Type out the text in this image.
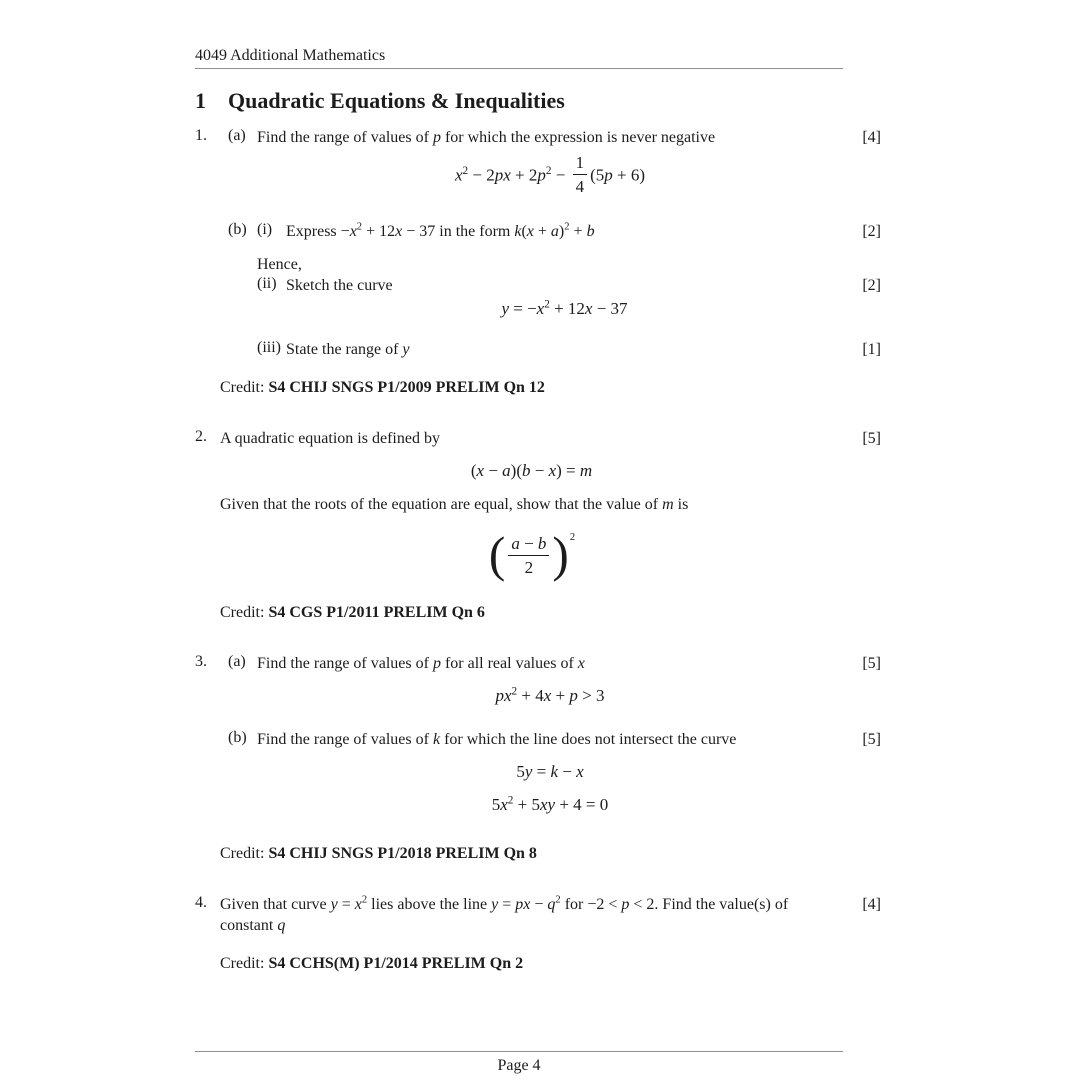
4049 Additional Mathematics
1 Quadratic Equations & Inequalities
1.	(a) Find the range of values of p for which the expression is never negative	[4]
$x^2 - 2px + 2p^2 - \frac{1}{4} (5p + 6)$
(b) (i) Express $-x^2 + 12x - 37$ in the form $k(x + a)^2 + b$	[2]
Hence,
(ii) Sketch the curve	[2]
$y = -x^2 + 12x - 37$
(iii) State the range of y	[1]
Credit: S4 CHIJ SNGS P1/2009 PRELIM Qn 12
2. A quadratic equation is defined by	[5]
(x − a)(b − x) = m
Given that the roots of the equation are equal, show that the value of m is
( $\frac{a - b}{2} )^2$
Credit: S4 CGS P1/2011 PRELIM Qn 6
3.	(a) Find the range of values of p for all real values of x	[5]
$px^2 + 4x + p > 3$
(b) Find the range of values of k for which the line does not intersect the curve	[5]
5y = k − x
$5x^2 + 5xy + 4 = 0$
Credit: S4 CHIJ SNGS P1/2018 PRELIM Qn 8
4. Given that curve $y = x^2$ lies above the line y = px − $q^2$ for −2 < p < 2. Find the value(s) of constant q
[4]
Credit: S4 CCHS(M) P1/2014 PRELIM Qn 2
Page 4
